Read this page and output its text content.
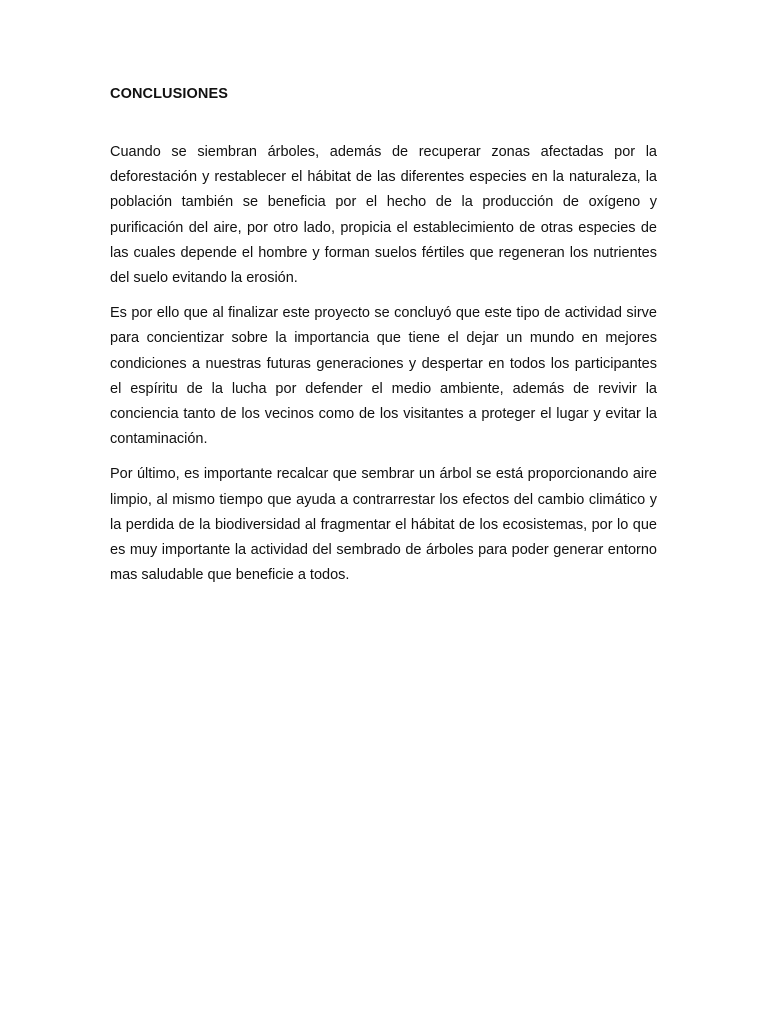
CONCLUSIONES

Cuando se siembran árboles, además de recuperar zonas afectadas por la deforestación y restablecer el hábitat de las diferentes especies en la naturaleza, la población también se beneficia por el hecho de la producción de oxígeno y purificación del aire, por otro lado, propicia el establecimiento de otras especies de las cuales depende el hombre y forman suelos fértiles que regeneran los nutrientes del suelo evitando la erosión.

Es por ello que al finalizar este proyecto se concluyó que este tipo de actividad sirve para concientizar sobre la importancia que tiene el dejar un mundo en mejores condiciones a nuestras futuras generaciones y despertar en todos los participantes el espíritu de la lucha por defender el medio ambiente, además de revivir la conciencia tanto de los vecinos como de los visitantes a proteger el lugar y evitar la contaminación.

Por último, es importante recalcar que sembrar un árbol se está proporcionando aire limpio, al mismo tiempo que ayuda a contrarrestar los efectos del cambio climático y la perdida de la biodiversidad al fragmentar el hábitat de los ecosistemas, por lo que es muy importante la actividad del sembrado de árboles para poder generar entorno mas saludable que beneficie a todos.
